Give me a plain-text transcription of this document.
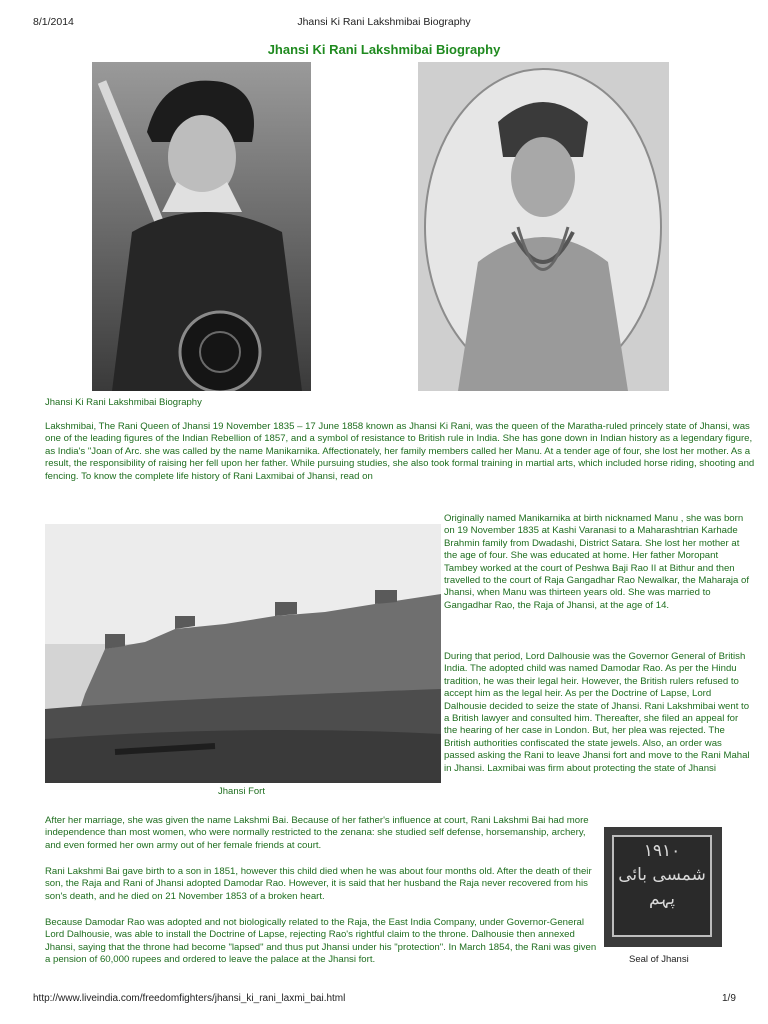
8/1/2014	Jhansi Ki Rani Lakshmibai Biography
Jhansi Ki Rani Lakshmibai Biography
Jhansi Ki Rani Lakshmibai Biography

Lakshmibai, The Rani Queen of Jhansi 19 November 1835 – 17 June 1858 known as Jhansi Ki Rani, was the queen of the Maratha-ruled princely state of Jhansi, was one of the leading figures of the Indian Rebellion of 1857, and a symbol of resistance to British rule in India. She has gone down in Indian history as a legendary figure, as India's "Joan of Arc. she was called by the name Manikarnika. Affectionately, her family members called her Manu. At a tender age of four, she lost her mother. As a result, the responsibility of raising her fell upon her father. While pursuing studies, she also took formal training in martial arts, which included horse riding, shooting and fencing. To know the complete life history of Rani Laxmibai of Jhansi, read on

Jhansi Fort

Originally named Manikarnika at birth nicknamed Manu , she was born on 19 November 1835 at Kashi Varanasi to a Maharashtrian Karhade Brahmin family from Dwadashi, District Satara. She lost her mother at the age of four. She was educated at home. Her father Moropant Tambey worked at the court of Peshwa Baji Rao II at Bithur and then travelled to the court of Raja Gangadhar Rao Newalkar, the Maharaja of Jhansi, when Manu was thirteen years old. She was married to Gangadhar Rao, the Raja of Jhansi, at the age of 14.

During that period, Lord Dalhousie was the Governor General of British India. The adopted child was named Damodar Rao. As per the Hindu tradition, he was their legal heir. However, the British rulers refused to accept him as the legal heir. As per the Doctrine of Lapse, Lord Dalhousie decided to seize the state of Jhansi. Rani Lakshmibai went to a British lawyer and consulted him. Thereafter, she filed an appeal for the hearing of her case in London. But, her plea was rejected. The British authorities confiscated the state jewels. Also, an order was passed asking the Rani to leave Jhansi fort and move to the Rani Mahal in Jhansi. Laxmibai was firm about protecting the state of Jhansi

After her marriage, she was given the name Lakshmi Bai. Because of her father's influence at court, Rani Lakshmi Bai had more independence than most women, who were normally restricted to the zenana: she studied self defense, horsemanship, archery, and even formed her own army out of her female friends at court.

Rani Lakshmi Bai gave birth to a son in 1851, however this child died when he was about four months old. After the death of their son, the Raja and Rani of Jhansi adopted Damodar Rao. However, it is said that her husband the Raja never recovered from his son's death, and he died on 21 November 1853 of a broken heart.

Because Damodar Rao was adopted and not biologically related to the Raja, the East India Company, under Governor-General Lord Dalhousie, was able to install the Doctrine of Lapse, rejecting Rao's rightful claim to the throne. Dalhousie then annexed Jhansi, saying that the throne had become "lapsed" and thus put Jhansi under his "protection". In March 1854, the Rani was given a pension of 60,000 rupees and ordered to leave the palace at the Jhansi fort.

۱۹۱۰ شمسی بائی پہم
Seal of Jhansi
http://www.liveindia.com/freedomfighters/jhansi_ki_rani_laxmi_bai.html	1/9
